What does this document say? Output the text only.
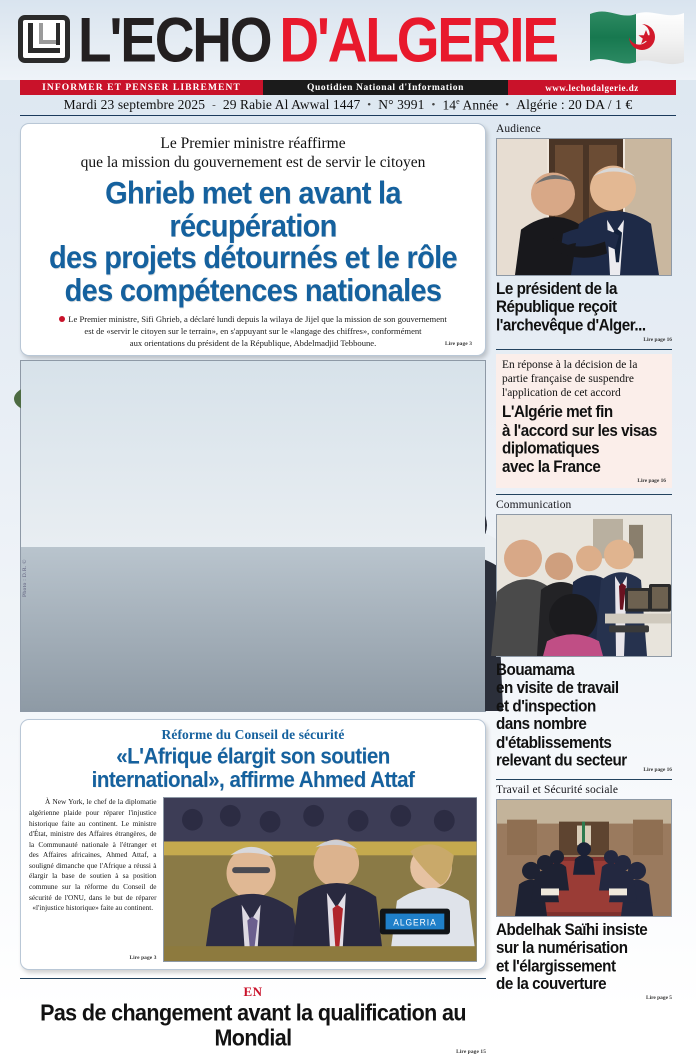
L'ECHO D'ALGERIE
INFORMER ET PENSER LIBREMENT	Quotidien National d'Information	www.lechodalgerie.dz
Mardi 23 septembre 2025 - 29 Rabie Al Awwal 1447 • N° 3991 • 14e Année • Algérie : 20 DA / 1 €
Le Premier ministre réaffirme
que la mission du gouvernement est de servir le citoyen
Ghrieb met en avant la récupération
des projets détournés et le rôle
des compétences nationales
Le Premier ministre, Sifi Ghrieb, a déclaré lundi depuis la wilaya de Jijel que la mission de son gouvernement
est de «servir le citoyen sur le terrain», en s'appuyant sur le «langage des chiffres», conformément
aux orientations du président de la République, Abdelmadjid Tebboune.	Lire page 3
Photo : D.R. ©
Réforme du Conseil de sécurité
«L'Afrique élargit son soutien
international», affirme Ahmed Attaf
À New York, le chef de la diplomatie algérienne plaide pour réparer l'injustice historique faite au continent. Le ministre d'État, ministre des Affaires étrangères, de la Communauté nationale à l'étranger et des Affaires africaines, Ahmed Attaf, a souligné dimanche que l'Afrique a réussi à élargir la base de soutien à sa position commune sur la réforme du Conseil de sécurité de l'ONU, dans le but de réparer «l'injustice historique» faite au continent.
Lire page 3
ALGERIA
EN
Pas de changement avant la qualification au Mondial
Lire page 15
Audience
Le président de la
République reçoit
l'archevêque d'Alger...
Lire page 16
En réponse à la décision de la
partie française de suspendre
l'application de cet accord
L'Algérie met fin
à l'accord sur les visas
diplomatiques
avec la France
Lire page 16
Communication
Bouamama
en visite de travail
et d'inspection
dans nombre
d'établissements
relevant du secteur
Lire page 16
Travail et Sécurité sociale
Abdelhak Saïhi insiste
sur la numérisation
et l'élargissement
de la couverture
Lire page 5
